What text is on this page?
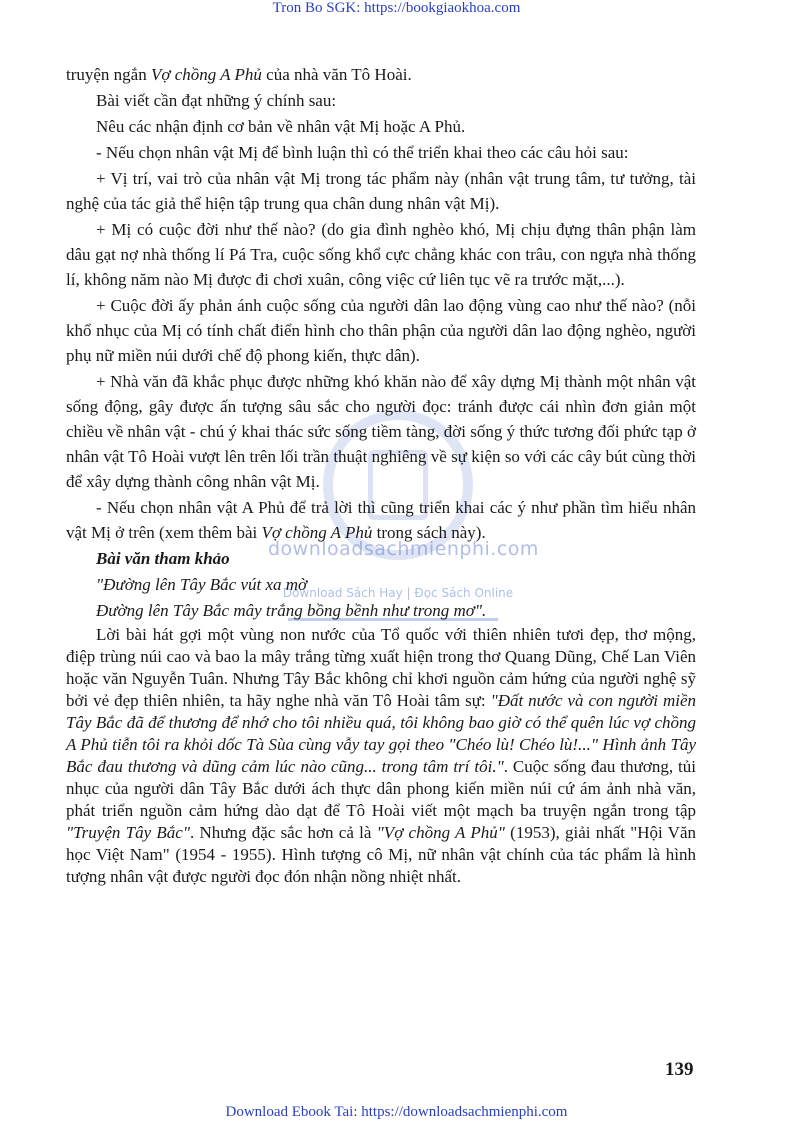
Tron Bo SGK: https://bookgiaokhoa.com
downloadsachmienphi.com
Download Sách Hay | Đọc Sách Online

truyện ngắn Vợ chồng A Phủ của nhà văn Tô Hoài.

Bài viết cần đạt những ý chính sau:

Nêu các nhận định cơ bản về nhân vật Mị hoặc A Phủ.

- Nếu chọn nhân vật Mị để bình luận thì có thể triển khai theo các câu hỏi sau:

+ Vị trí, vai trò của nhân vật Mị trong tác phẩm này (nhân vật trung tâm, tư tưởng, tài nghệ của tác giả thể hiện tập trung qua chân dung nhân vật Mị).

+ Mị có cuộc đời như thế nào? (do gia đình nghèo khó, Mị chịu đựng thân phận làm dâu gạt nợ nhà thống lí Pá Tra, cuộc sống khổ cực chẳng khác con trâu, con ngựa nhà thống lí, không năm nào Mị được đi chơi xuân, công việc cứ liên tục vẽ ra trước mặt,...).

+ Cuộc đời ấy phản ánh cuộc sống của người dân lao động vùng cao như thế nào? (nỗi khổ nhục của Mị có tính chất điển hình cho thân phận của người dân lao động nghèo, người phụ nữ miền núi dưới chế độ phong kiến, thực dân).

+ Nhà văn đã khắc phục được những khó khăn nào để xây dựng Mị thành một nhân vật sống động, gây được ấn tượng sâu sắc cho người đọc: tránh được cái nhìn đơn giản một chiều về nhân vật - chú ý khai thác sức sống tiềm tàng, đời sống ý thức tương đối phức tạp ở nhân vật Tô Hoài vượt lên trên lối trần thuật nghiêng về sự kiện so với các cây bút cùng thời để xây dựng thành công nhân vật Mị.

- Nếu chọn nhân vật A Phủ để trả lời thì cũng triển khai các ý như phần tìm hiểu nhân vật Mị ở trên (xem thêm bài Vợ chồng A Phủ trong sách này).

Bài văn tham khảo

"Đường lên Tây Bắc vút xa mờ

Đường lên Tây Bắc mây trắng bồng bềnh như trong mơ".

Lời bài hát gợi một vùng non nước của Tổ quốc với thiên nhiên tươi đẹp, thơ mộng, điệp trùng núi cao và bao la mây trắng từng xuất hiện trong thơ Quang Dũng, Chế Lan Viên hoặc văn Nguyễn Tuân. Nhưng Tây Bắc không chỉ khơi nguồn cảm hứng của người nghệ sỹ bởi vẻ đẹp thiên nhiên, ta hãy nghe nhà văn Tô Hoài tâm sự: "Đất nước và con người miền Tây Bắc đã để thương để nhớ cho tôi nhiều quá, tôi không bao giờ có thể quên lúc vợ chồng A Phủ tiễn tôi ra khỏi dốc Tà Sùa cùng vẫy tay gọi theo "Chéo lù! Chéo lù!..." Hình ảnh Tây Bắc đau thương và dũng cảm lúc nào cũng... trong tâm trí tôi.". Cuộc sống đau thương, tủi nhục của người dân Tây Bắc dưới ách thực dân phong kiến miền núi cứ ám ảnh nhà văn, phát triển nguồn cảm hứng dào dạt để Tô Hoài viết một mạch ba truyện ngắn trong tập "Truyện Tây Bắc". Nhưng đặc sắc hơn cả là "Vợ chồng A Phủ" (1953), giải nhất "Hội Văn học Việt Nam" (1954 - 1955). Hình tượng cô Mị, nữ nhân vật chính của tác phẩm là hình tượng nhân vật được người đọc đón nhận nồng nhiệt nhất.

139
Download Ebook Tai: https://downloadsachmienphi.com
